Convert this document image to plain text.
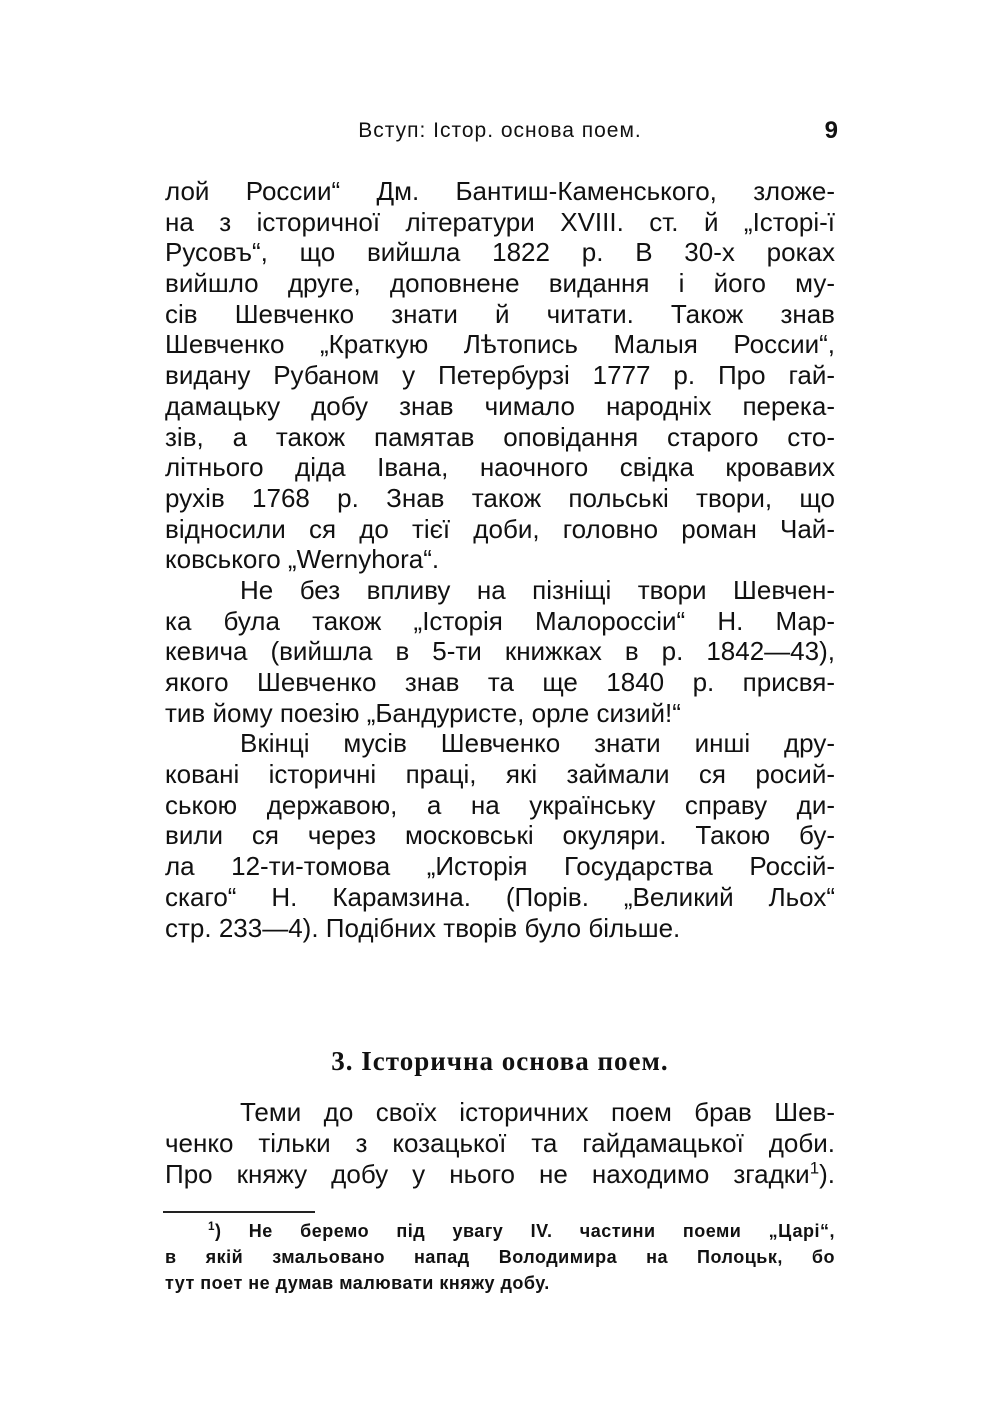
Вступ: Істор. основа поем.	9
лой России“ Дм. Бантиш-Каменського, зложе-
на з історичної літератури XVIII. ст. й „Історі-ї
Русовъ“, що вийшла 1822 р. В 30-х роках
вийшло друге, доповнене видання і його му-
сів Шевченко знати й читати. Також знав
Шевченко „Краткую Лѣтопись Малыя России“,
видану Рубаном у Петербурзі 1777 р. Про гай-
дамацьку добу знав чимало народніх перека-
зів, а також памятав оповідання старого сто-
літнього діда Івана, наочного свідка кровавих
рухів 1768 р. Знав також польські твори, що
відносили ся до тієї доби, головно роман Чай-
ковського „Wernyhora“.
Не без впливу на пізніщі твори Шевчен-
ка була також „Історія Малороссіи“ Н. Мар-
кевича (вийшла в 5-ти книжках в р. 1842—43),
якого Шевченко знав та ще 1840 р. присвя-
тив йому поезію „Бандуристе, орле сизий!“
Вкінці мусів Шевченко знати инші дру-
ковані історичні праці, які займали ся росий-
ською державою, а на українську справу ди-
вили ся через московські окуляри. Такою бу-
ла 12-ти-томова „Исторія Государства Россій-
скаго“ Н. Карамзина. (Порів. „Великий Льох“
стр. 233—4). Подібних творів було більше.
3. Історична основа поем.
Теми до своїх історичних поем брав Шев-
ченко тільки з козацької та гайдамацької доби.
Про княжу добу у нього не находимо згадки$^1$).
$^1$) Не беремо під увагу IV. частини поеми „Царі“,
в якій змальовано напад Володимира на Полоцьк, бо
тут поет не думав малювати княжу добу.
